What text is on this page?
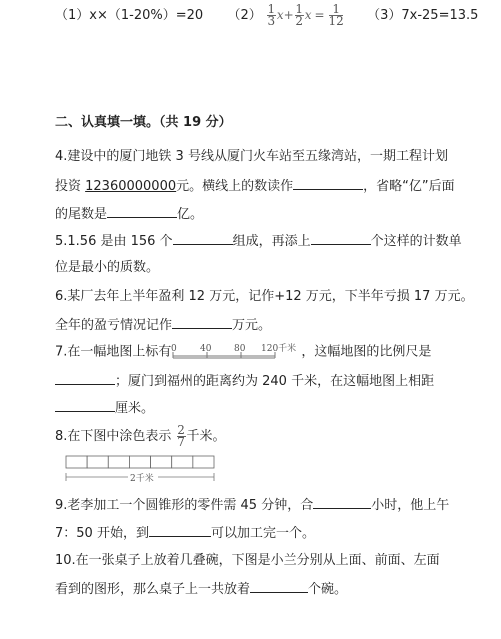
（1）x×（1-20%）=20 $(2) \frac{1}{3} x+ \frac{1}{2}$ $x = \frac{1}{12} (3)7x-25=13.5$
二、认真填一填。（共 19 分）
4.建设中的厦门地铁 3 号线从厦门火车站至五缘湾站，一期工程计划
投资 12360000000元。横线上的数读作	，省略“亿”后面
的尾数是	亿。
5.1.56 是由 156 个	组成，再添上	个这样的计数单
位是最小的质数。
6.某厂去年上半年盈利 12 万元，记作+12 万元，下半年亏损 17 万元。
全年的盈亏情况记作	万元。
7.在一幅地图上标有 0	40	80 120千米 ，这幅地图的比例尺是
；厦门到福州的距离约为 240 千米，在这幅地图上相距
厘米。
8.在下图中涂色表示 $\frac{2}{7}$ 千米。
2千米
9.老李加工一个圆锥形的零件需 45 分钟，合	小时，他上午
7：50 开始，到	可以加工完一个。
10.在一张桌子上放着几叠碗，下图是小兰分别从上面、前面、左面
看到的图形，那么桌子上一共放着	个碗。
